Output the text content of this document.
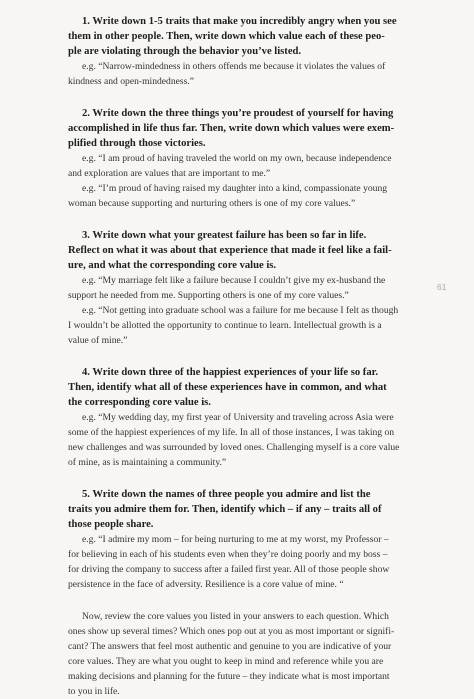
1. Write down 1-5 traits that make you incredibly angry when you see

them in other people. Then, write down which value each of these peo-

ple are violating through the behavior you’ve listed.

e.g. “Narrow-mindedness in others offends me because it violates the values of

kindness and open-mindedness.”

2. Write down the three things you’re proudest of yourself for having

accomplished in life thus far. Then, write down which values were exem-

plified through those victories.

e.g. “I am proud of having traveled the world on my own, because independence

and exploration are values that are important to me.”

e.g. “I’m proud of having raised my daughter into a kind, compassionate young

woman because supporting and nurturing others is one of my core values.”

3. Write down what your greatest failure has been so far in life.

Reflect on what it was about that experience that made it feel like a fail-

ure, and what the corresponding core value is.

e.g. “My marriage felt like a failure because I couldn’t give my ex-husband the

support he needed from me. Supporting others is one of my core values.”

e.g. “Not getting into graduate school was a failure for me because I felt as though

I wouldn’t be allotted the opportunity to continue to learn. Intellectual growth is a

value of mine.”

4. Write down three of the happiest experiences of your life so far.

Then, identify what all of these experiences have in common, and what

the corresponding core value is.

e.g. “My wedding day, my first year of University and traveling across Asia were

some of the happiest experiences of my life. In all of those instances, I was taking on

new challenges and was surrounded by loved ones. Challenging myself is a core value

of mine, as is maintaining a community.”

5. Write down the names of three people you admire and list the

traits you admire them for. Then, identify which – if any – traits all of

those people share.

e.g. “I admire my mom – for being nurturing to me at my worst, my Professor –

for believing in each of his students even when they’re doing poorly and my boss –

for driving the company to success after a failed first year. All of those people show

persistence in the face of adversity. Resilience is a core value of mine. “

Now, review the core values you listed in your answers to each question. Which

ones show up several times? Which ones pop out at you as most important or signifi-

cant? The answers that feel most authentic and genuine to you are indicative of your

core values. They are what you ought to keep in mind and reference while you are

making decisions and planning for the future – they indicate what is most important

to you in life.

61
